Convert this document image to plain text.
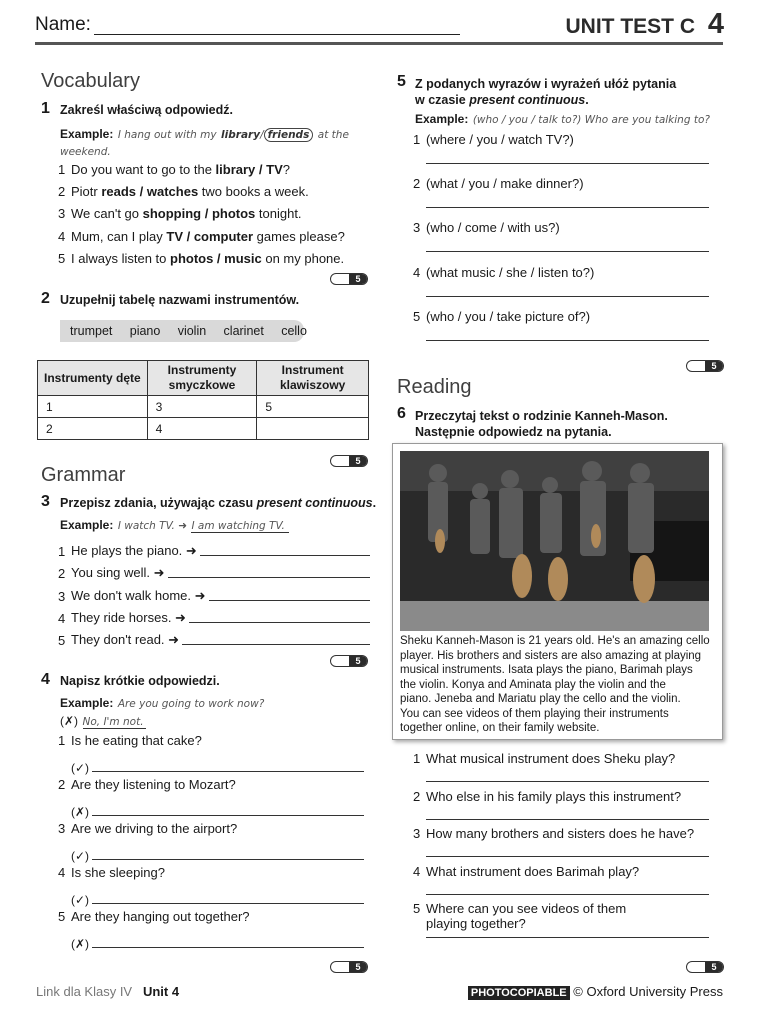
Name:	UNIT TEST C 4
Vocabulary
1 Zakreśl właściwą odpowiedź.
Example: I hang out with my library/ friends at the
weekend.
1 Do you want to go to the library / TV?
2 Piotr reads / watches two books a week.
3 We can't go shopping / photos tonight.
4 Mum, can I play TV / computer games please?
5 I always listen to photos / music on my phone.
5
2 Uzupełnij tabelę nazwami instrumentów.
trumpet     piano     violin     clarinet     cello
Instrumenty dęte	Instrumenty smyczkowe	Instrument klawiszowy
1	3	5
2	4	
5
Grammar
3 Przepisz zdania, używając czasu present continuous.
Example: I watch TV. ➜ I am watching TV.
1 He plays the piano. ➜
2 You sing well. ➜
3 We don't walk home. ➜
4 They ride horses. ➜
5 They don't read. ➜
5
4 Napisz krótkie odpowiedzi.
Example: Are you going to work now?
(✗) No, I'm not.
1 Is he eating that cake?
(✓)
2 Are they listening to Mozart?
(✗)
3 Are we driving to the airport?
(✓)
4 Is she sleeping?
(✓)
5 Are they hanging out together?
(✗)
5
5 Z podanych wyrazów i wyrażeń ułóż pytania
w czasie present continuous.
Example: (who / you / talk to?) Who are you talking to?
1 (where / you / watch TV?)
2 (what / you / make dinner?)
3 (who / come / with us?)
4 (what music / she / listen to?)
5 (who / you / take picture of?)
5
Reading
6 Przeczytaj tekst o rodzinie Kanneh-Mason.
Następnie odpowiedz na pytania.
Sheku Kanneh-Mason is 21 years old. He's an amazing cello
player. His brothers and sisters are also amazing at playing
musical instruments. Isata plays the piano, Barimah plays
the violin. Konya and Aminata play the violin and the
piano. Jeneba and Mariatu play the cello and the violin.
You can see videos of them playing their instruments
together online, on their family website.
1 What musical instrument does Sheku play?
2 Who else in his family plays this instrument?
3 How many brothers and sisters does he have?
4 What instrument does Barimah play?
5 Where can you see videos of them
playing together?
5
Link dla Klasy IV Unit 4	PHOTOCOPIABLE © Oxford University Press
